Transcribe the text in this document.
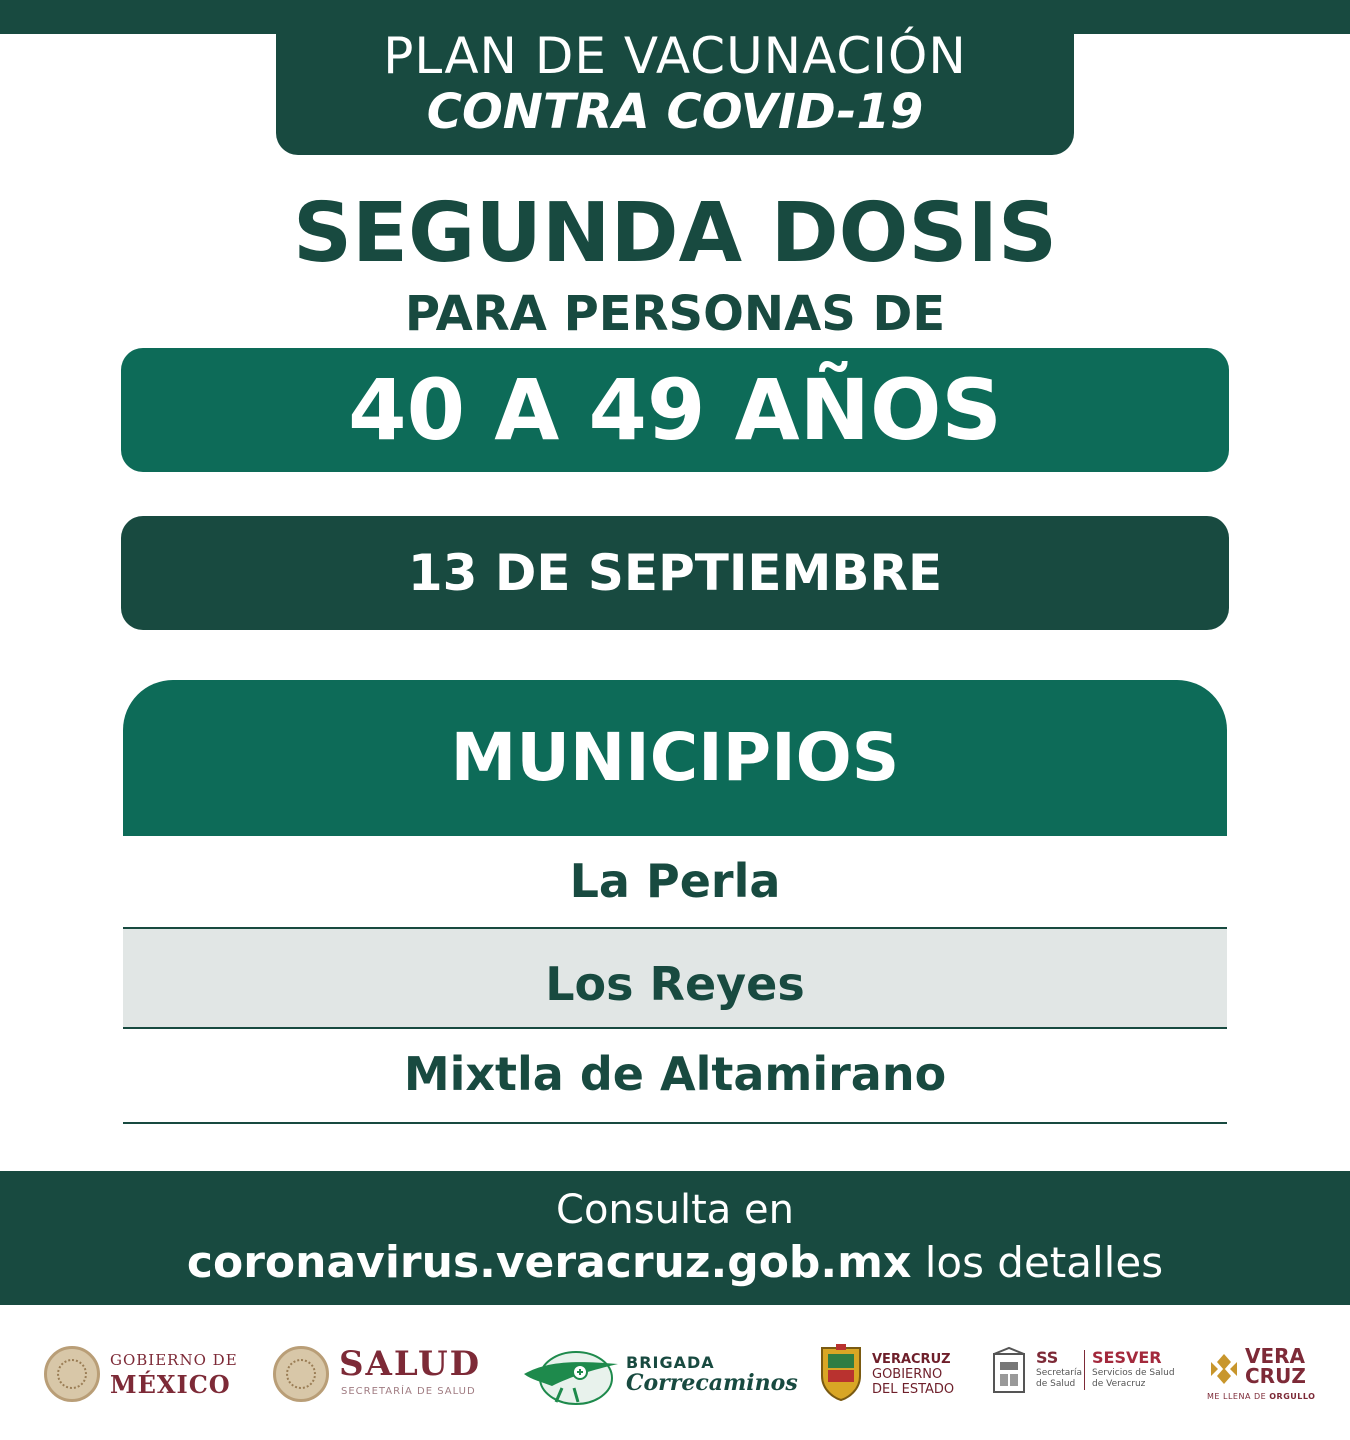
PLAN DE VACUNACIÓN
CONTRA COVID-19
SEGUNDA DOSIS
PARA PERSONAS DE
40 A 49 AÑOS
13 DE SEPTIEMBRE
MUNICIPIOS
La Perla
Los Reyes
Mixtla de Altamirano
Consulta en
coronavirus.veracruz.gob.mx los detalles
GOBIERNO DE
MÉXICO
SALUD
SECRETARÍA DE SALUD
BRIGADA
Correcaminos
VERACRUZ
GOBIERNO
DEL ESTADO
SS
Secretaría
de Salud
SESVER
Servicios de Salud
de Veracruz
VERA
CRUZ
ME LLENA DE ORGULLO
